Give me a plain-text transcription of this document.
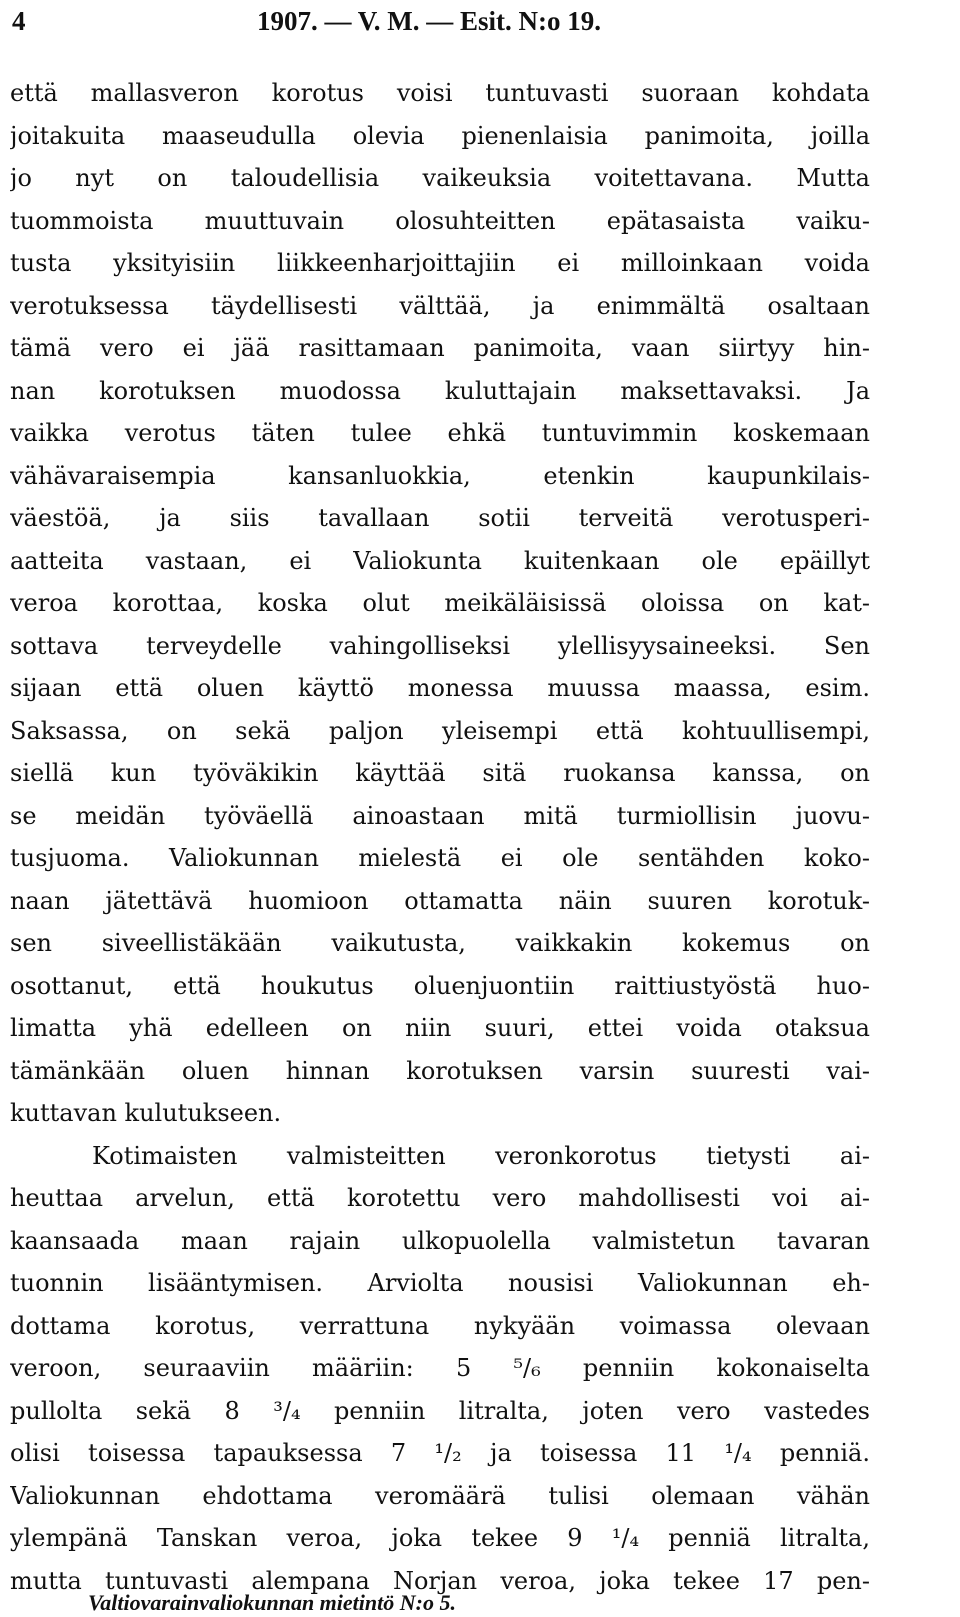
4	1907. — V. M. — Esit. N:o 19.
että mallasveron korotus voisi tuntuvasti suoraan kohdata
joitakuita maaseudulla olevia pienenlaisia panimoita, joilla
jo nyt on taloudellisia vaikeuksia voitettavana. Mutta
tuommoista muuttuvain olosuhteitten epätasaista vaiku-
tusta yksityisiin liikkeenharjoittajiin ei milloinkaan voida
verotuksessa täydellisesti välttää, ja enimmältä osaltaan
tämä vero ei jää rasittamaan panimoita, vaan siirtyy hin-
nan korotuksen muodossa kuluttajain maksettavaksi. Ja
vaikka verotus täten tulee ehkä tuntuvimmin koskemaan
vähävaraisempia kansanluokkia, etenkin kaupunkilais-
väestöä, ja siis tavallaan sotii terveitä verotusperi-
aatteita vastaan, ei Valiokunta kuitenkaan ole epäillyt
veroa korottaa, koska olut meikäläisissä oloissa on kat-
sottava terveydelle vahingolliseksi ylellisyysaineeksi. Sen
sijaan että oluen käyttö monessa muussa maassa, esim.
Saksassa, on sekä paljon yleisempi että kohtuullisempi,
siellä kun työväkikin käyttää sitä ruokansa kanssa, on
se meidän työväellä ainoastaan mitä turmiollisin juovu-
tusjuoma. Valiokunnan mielestä ei ole sentähden koko-
naan jätettävä huomioon ottamatta näin suuren korotuk-
sen siveellistäkään vaikutusta, vaikkakin kokemus on
osottanut, että houkutus oluenjuontiin raittiustyöstä huo-
limatta yhä edelleen on niin suuri, ettei voida otaksua
tämänkään oluen hinnan korotuksen varsin suuresti vai-
kuttavan kulutukseen.
Kotimaisten valmisteitten veronkorotus tietysti ai-
heuttaa arvelun, että korotettu vero mahdollisesti voi ai-
kaansaada maan rajain ulkopuolella valmistetun tavaran
tuonnin lisääntymisen. Arviolta nousisi Valiokunnan eh-
dottama korotus, verrattuna nykyään voimassa olevaan
veroon, seuraaviin määriin: 5 ⁵/₆ penniin kokonaiselta
pullolta sekä 8 ³/₄ penniin litralta, joten vero vastedes
olisi toisessa tapauksessa 7 ¹/₂ ja toisessa 11 ¹/₄ penniä.
Valiokunnan ehdottama veromäärä tulisi olemaan vähän
ylempänä Tanskan veroa, joka tekee 9 ¹/₄ penniä litralta,
mutta tuntuvasti alempana Norjan veroa, joka tekee 17 pen-
Valtiovarainvaliokunnan mietintö N:o 5.
